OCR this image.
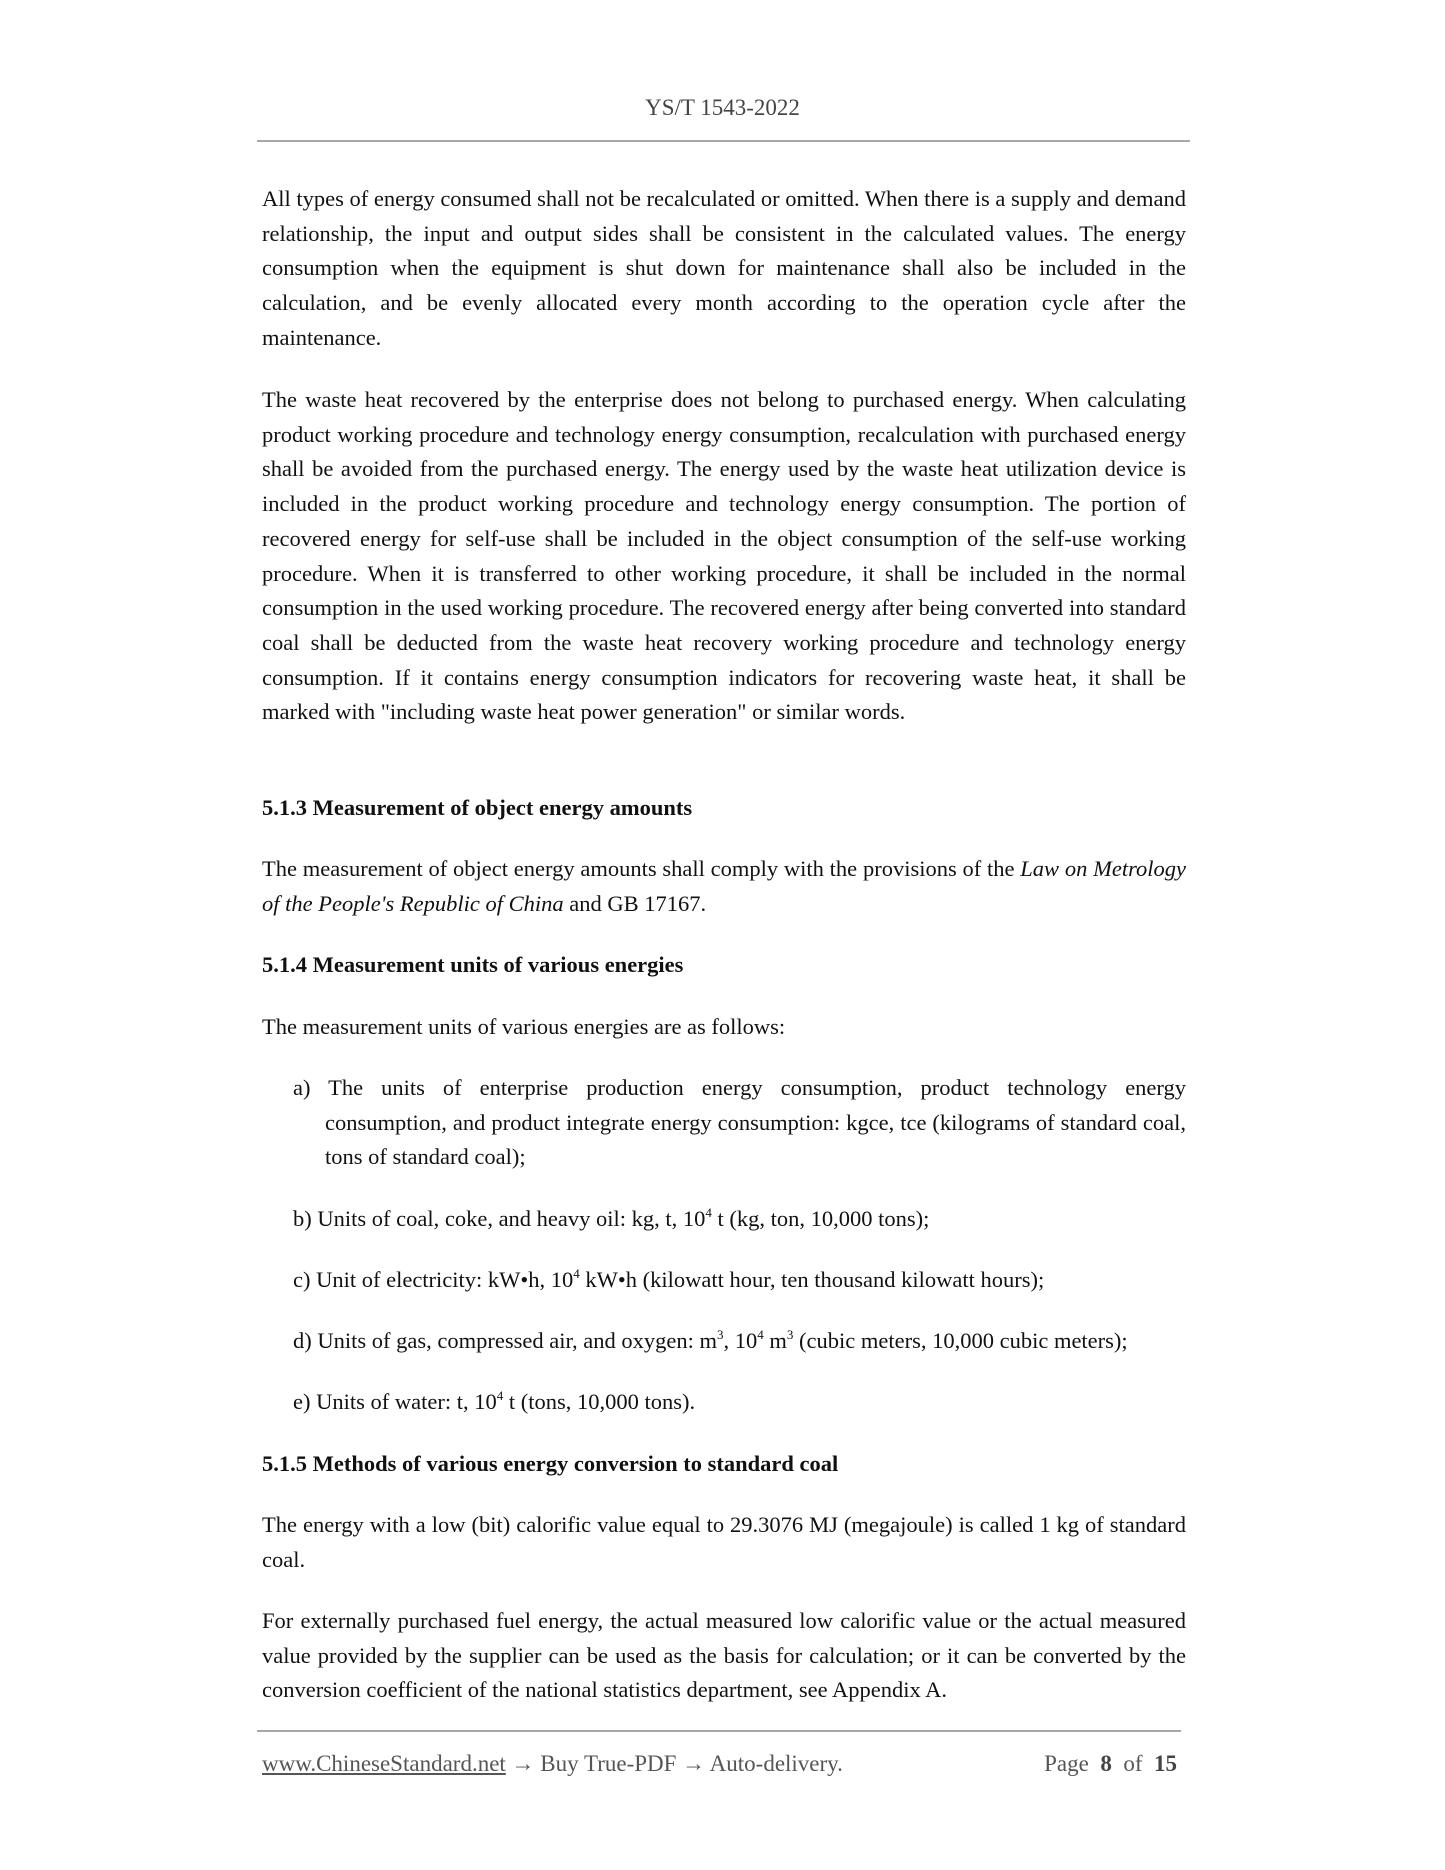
YS/T 1543-2022
All types of energy consumed shall not be recalculated or omitted. When there is a supply and demand relationship, the input and output sides shall be consistent in the calculated values. The energy consumption when the equipment is shut down for maintenance shall also be included in the calculation, and be evenly allocated every month according to the operation cycle after the maintenance.
The waste heat recovered by the enterprise does not belong to purchased energy. When calculating product working procedure and technology energy consumption, recalculation with purchased energy shall be avoided from the purchased energy. The energy used by the waste heat utilization device is included in the product working procedure and technology energy consumption. The portion of recovered energy for self-use shall be included in the object consumption of the self-use working procedure. When it is transferred to other working procedure, it shall be included in the normal consumption in the used working procedure. The recovered energy after being converted into standard coal shall be deducted from the waste heat recovery working procedure and technology energy consumption. If it contains energy consumption indicators for recovering waste heat, it shall be marked with "including waste heat power generation" or similar words.
5.1.3 Measurement of object energy amounts
The measurement of object energy amounts shall comply with the provisions of the Law on Metrology of the People's Republic of China and GB 17167.
5.1.4 Measurement units of various energies
The measurement units of various energies are as follows:
a) The units of enterprise production energy consumption, product technology energy consumption, and product integrate energy consumption: kgce, tce (kilograms of standard coal, tons of standard coal);
b) Units of coal, coke, and heavy oil: kg, t, $10^4$ t (kg, ton, 10,000 tons);
c) Unit of electricity: kW•h, $10^4$ kW•h (kilowatt hour, ten thousand kilowatt hours);
d) Units of gas, compressed air, and oxygen: $m^3$, $10^4$ $m^3$ (cubic meters, 10,000 cubic meters);
e) Units of water: t, $10^4$ t (tons, 10,000 tons).
5.1.5 Methods of various energy conversion to standard coal
The energy with a low (bit) calorific value equal to 29.3076 MJ (megajoule) is called 1 kg of standard coal.
For externally purchased fuel energy, the actual measured low calorific value or the actual measured value provided by the supplier can be used as the basis for calculation; or it can be converted by the conversion coefficient of the national statistics department, see Appendix A.
www.ChineseStandard.net → Buy True-PDF → Auto-delivery.	Page 8 of 15
